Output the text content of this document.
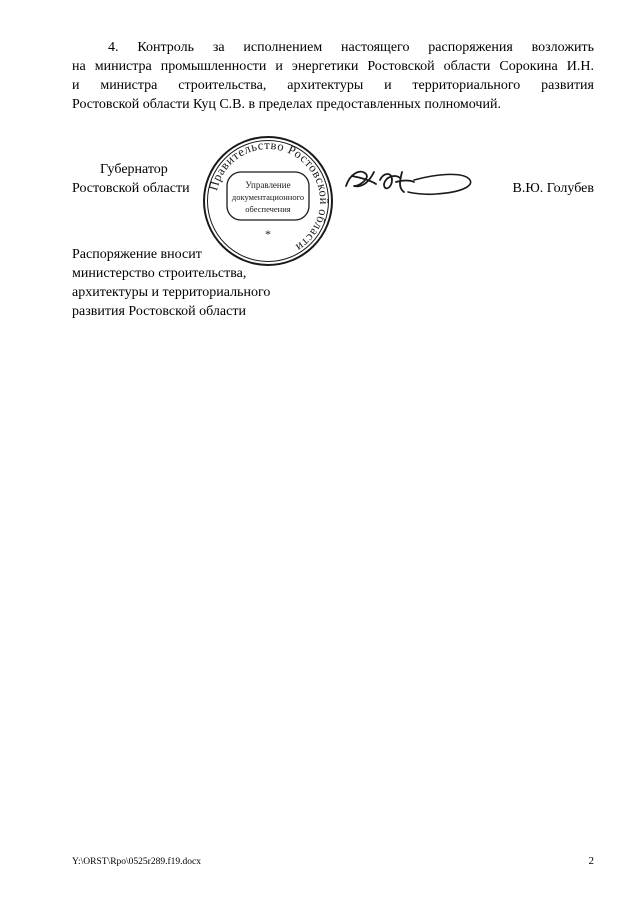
4. Контроль за исполнением настоящего распоряжения возложить
на министра промышленности и энергетики Ростовской области Сорокина И.Н.
и министра строительства, архитектуры и территориального развития
Ростовской области Куц С.В. в пределах предоставленных полномочий.
Губернатор
Ростовской области Правительство Ростовской области
Управление
документационного
обеспечения
*
В.Ю. Голубев
Распоряжение вносит
министерство строительства,
архитектуры и территориального
развития Ростовской области
Y:\ORST\Rpo\0525r289.f19.docx	2
